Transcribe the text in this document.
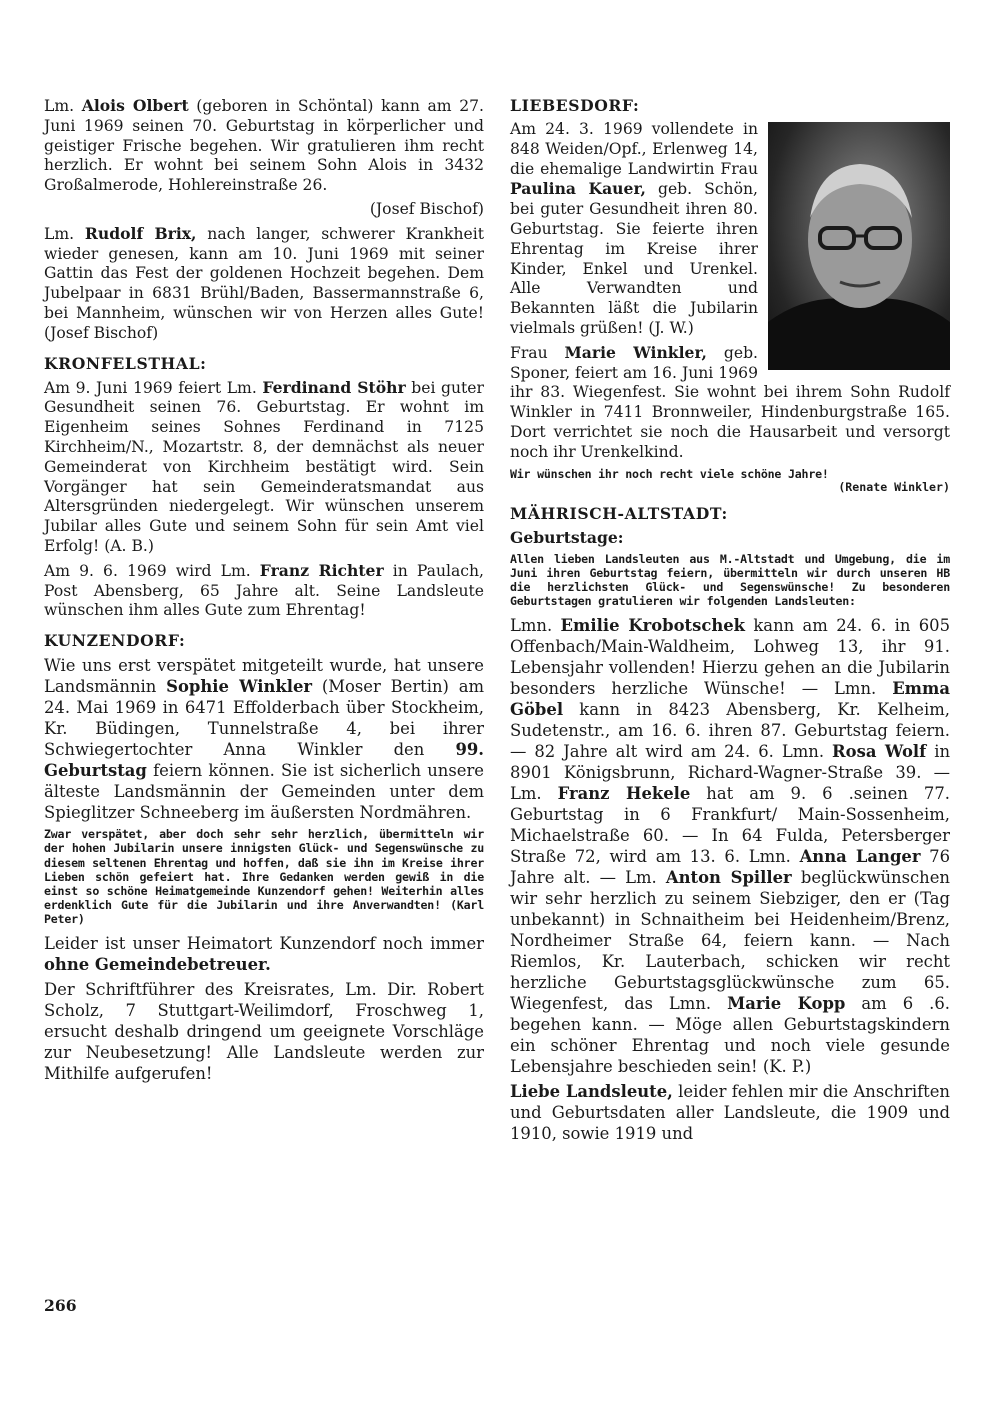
Lm. Alois Olbert (geboren in Schöntal) kann am 27. Juni 1969 seinen 70. Geburtstag in körperlicher und geistiger Frische begehen. Wir gratulieren ihm recht herzlich. Er wohnt bei seinem Sohn Alois in 3432 Großalmerode, Hohlereinstraße 26.

(Josef Bischof)

Lm. Rudolf Brix, nach langer, schwerer Krankheit wieder genesen, kann am 10. Juni 1969 mit seiner Gattin das Fest der goldenen Hochzeit begehen. Dem Jubelpaar in 6831 Brühl/Baden, Bassermannstraße 6, bei Mannheim, wünschen wir von Herzen alles Gute! (Josef Bischof)

KRONFELSTHAL:

Am 9. Juni 1969 feiert Lm. Ferdinand Stöhr bei guter Gesundheit seinen 76. Geburtstag. Er wohnt im Eigenheim seines Sohnes Ferdinand in 7125 Kirchheim/N., Mozartstr. 8, der demnächst als neuer Gemeinderat von Kirchheim bestätigt wird. Sein Vorgänger hat sein Gemeinderatsmandat aus Altersgründen niedergelegt. Wir wünschen unserem Jubilar alles Gute und seinem Sohn für sein Amt viel Erfolg! (A. B.)

Am 9. 6. 1969 wird Lm. Franz Richter in Paulach, Post Abensberg, 65 Jahre alt. Seine Landsleute wünschen ihm alles Gute zum Ehrentag!

KUNZENDORF:

Wie uns erst verspätet mitgeteilt wurde, hat unsere Landsmännin Sophie Winkler (Moser Bertin) am 24. Mai 1969 in 6471 Effolderbach über Stockheim, Kr. Büdingen, Tunnelstraße 4, bei ihrer Schwiegertochter Anna Winkler den 99. Geburtstag feiern können. Sie ist sicherlich unsere älteste Landsmännin der Gemeinden unter dem Spieglitzer Schneeberg im äußersten Nordmähren.

Zwar verspätet, aber doch sehr sehr herzlich, übermitteln wir der hohen Jubilarin unsere innigsten Glück- und Segenswünsche zu diesem seltenen Ehrentag und hoffen, daß sie ihn im Kreise ihrer Lieben schön gefeiert hat. Ihre Gedanken werden gewiß in die einst so schöne Heimatgemeinde Kunzendorf gehen! Weiterhin alles erdenklich Gute für die Jubilarin und ihre Anverwandten! (Karl Peter)

Leider ist unser Heimatort Kunzendorf noch immer ohne Gemeindebetreuer.

Der Schriftführer des Kreisrates, Lm. Dir. Robert Scholz, 7 Stuttgart-Weilimdorf, Froschweg 1, ersucht deshalb dringend um geeignete Vorschläge zur Neubesetzung! Alle Landsleute werden zur Mithilfe aufgerufen!

LIEBESDORF:

Am 24. 3. 1969 vollendete in 848 Weiden/Opf., Erlenweg 14, die ehemalige Landwirtin Frau Paulina Kauer, geb. Schön, bei guter Gesundheit ihren 80. Geburtstag. Sie feierte ihren Ehrentag im Kreise ihrer Kinder, Enkel und Urenkel. Alle Verwandten und Bekannten läßt die Jubilarin vielmals grüßen! (J. W.)

Frau Marie Winkler, geb. Sponer, feiert am 16. Juni 1969 ihr 83. Wiegenfest. Sie wohnt bei ihrem Sohn Rudolf Winkler in 7411 Bronnweiler, Hindenburgstraße 165. Dort verrichtet sie noch die Hausarbeit und versorgt noch ihr Urenkelkind.

Wir wünschen ihr noch recht viele schöne Jahre!

(Renate Winkler)

MÄHRISCH-ALTSTADT:
Geburtstage:

Allen lieben Landsleuten aus M.-Altstadt und Umgebung, die im Juni ihren Geburtstag feiern, übermitteln wir durch unseren HB die herzlichsten Glück- und Segenswünsche! Zu besonderen Geburtstagen gratulieren wir folgenden Landsleuten:

Lmn. Emilie Krobotschek kann am 24. 6. in 605 Offenbach/Main-Waldheim, Lohweg 13, ihr 91. Lebensjahr vollenden! Hierzu gehen an die Jubilarin besonders herzliche Wünsche! — Lmn. Emma Göbel kann in 8423 Abensberg, Kr. Kelheim, Sudetenstr., am 16. 6. ihren 87. Geburtstag feiern. — 82 Jahre alt wird am 24. 6. Lmn. Rosa Wolf in 8901 Königsbrunn, Richard-Wagner-Straße 39. — Lm. Franz Hekele hat am 9. 6 .seinen 77. Geburtstag in 6 Frankfurt/ Main-Sossenheim, Michaelstraße 60. — In 64 Fulda, Petersberger Straße 72, wird am 13. 6. Lmn. Anna Langer 76 Jahre alt. — Lm. Anton Spiller beglückwünschen wir sehr herzlich zu seinem Siebziger, den er (Tag unbekannt) in Schnaitheim bei Heidenheim/Brenz, Nordheimer Straße 64, feiern kann. — Nach Riemlos, Kr. Lauterbach, schicken wir recht herzliche Geburtstagsglückwünsche zum 65. Wiegenfest, das Lmn. Marie Kopp am 6 .6. begehen kann. — Möge allen Geburtstagskindern ein schöner Ehrentag und noch viele gesunde Lebensjahre beschieden sein! (K. P.)

Liebe Landsleute, leider fehlen mir die Anschriften und Geburtsdaten aller Landsleute, die 1909 und 1910, sowie 1919 und

266
